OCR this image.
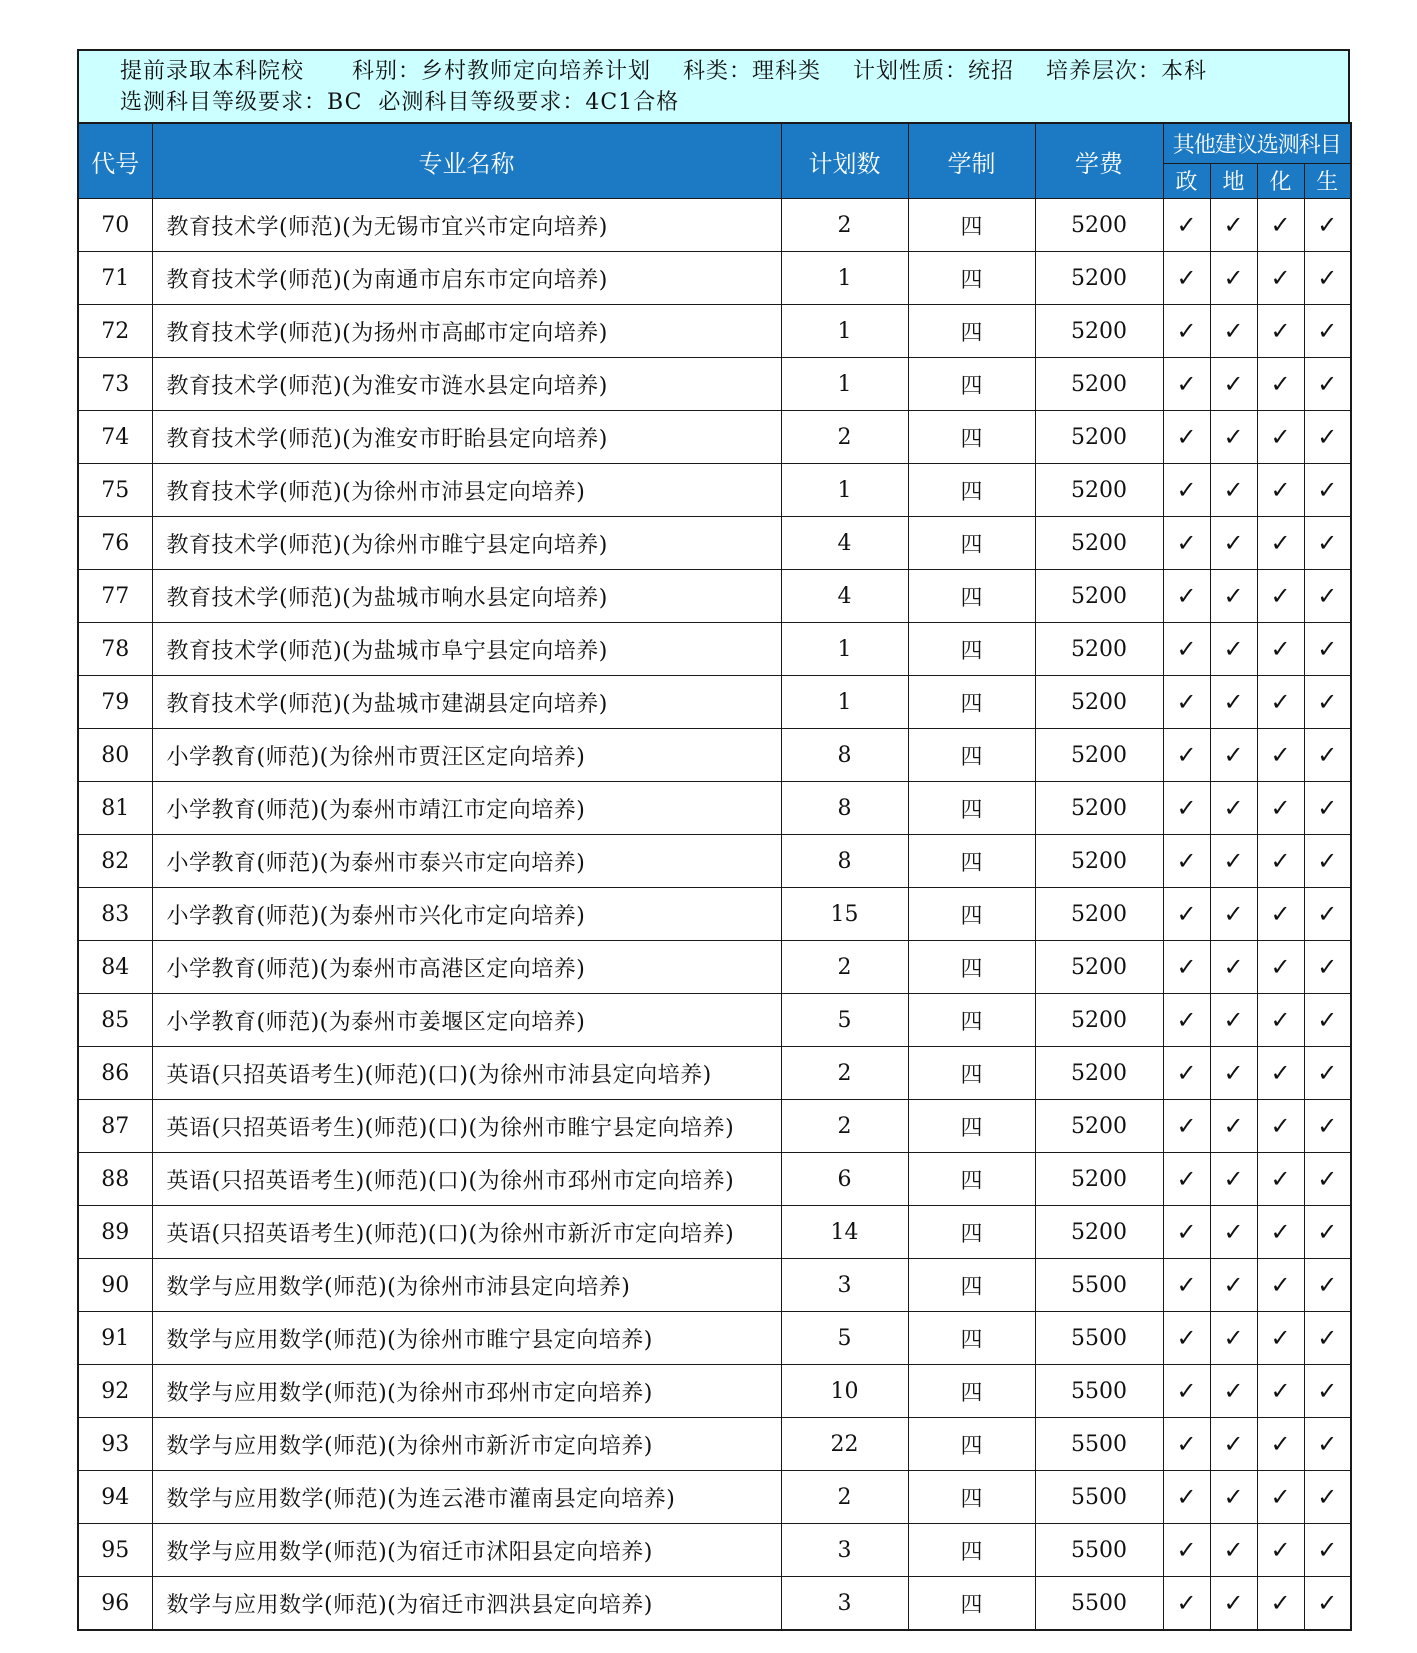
提前录取本科院校 科别：乡村教师定向培养计划 科类：理科类 计划性质：统招 培养层次：本科
选测科目等级要求：BC 必测科目等级要求：4C1合格
代号	专业名称	计划数	学制	学费	其他建议选测科目			
					政	地	化	生
70	教育技术学(师范)(为无锡市宜兴市定向培养)	2	四	5200	✓	✓	✓	✓
71	教育技术学(师范)(为南通市启东市定向培养)	1	四	5200	✓	✓	✓	✓
72	教育技术学(师范)(为扬州市高邮市定向培养)	1	四	5200	✓	✓	✓	✓
73	教育技术学(师范)(为淮安市涟水县定向培养)	1	四	5200	✓	✓	✓	✓
74	教育技术学(师范)(为淮安市盱眙县定向培养)	2	四	5200	✓	✓	✓	✓
75	教育技术学(师范)(为徐州市沛县定向培养)	1	四	5200	✓	✓	✓	✓
76	教育技术学(师范)(为徐州市睢宁县定向培养)	4	四	5200	✓	✓	✓	✓
77	教育技术学(师范)(为盐城市响水县定向培养)	4	四	5200	✓	✓	✓	✓
78	教育技术学(师范)(为盐城市阜宁县定向培养)	1	四	5200	✓	✓	✓	✓
79	教育技术学(师范)(为盐城市建湖县定向培养)	1	四	5200	✓	✓	✓	✓
80	小学教育(师范)(为徐州市贾汪区定向培养)	8	四	5200	✓	✓	✓	✓
81	小学教育(师范)(为泰州市靖江市定向培养)	8	四	5200	✓	✓	✓	✓
82	小学教育(师范)(为泰州市泰兴市定向培养)	8	四	5200	✓	✓	✓	✓
83	小学教育(师范)(为泰州市兴化市定向培养)	15	四	5200	✓	✓	✓	✓
84	小学教育(师范)(为泰州市高港区定向培养)	2	四	5200	✓	✓	✓	✓
85	小学教育(师范)(为泰州市姜堰区定向培养)	5	四	5200	✓	✓	✓	✓
86	英语(只招英语考生)(师范)(口)(为徐州市沛县定向培养)	2	四	5200	✓	✓	✓	✓
87	英语(只招英语考生)(师范)(口)(为徐州市睢宁县定向培养)	2	四	5200	✓	✓	✓	✓
88	英语(只招英语考生)(师范)(口)(为徐州市邳州市定向培养)	6	四	5200	✓	✓	✓	✓
89	英语(只招英语考生)(师范)(口)(为徐州市新沂市定向培养)	14	四	5200	✓	✓	✓	✓
90	数学与应用数学(师范)(为徐州市沛县定向培养)	3	四	5500	✓	✓	✓	✓
91	数学与应用数学(师范)(为徐州市睢宁县定向培养)	5	四	5500	✓	✓	✓	✓
92	数学与应用数学(师范)(为徐州市邳州市定向培养)	10	四	5500	✓	✓	✓	✓
93	数学与应用数学(师范)(为徐州市新沂市定向培养)	22	四	5500	✓	✓	✓	✓
94	数学与应用数学(师范)(为连云港市灌南县定向培养)	2	四	5500	✓	✓	✓	✓
95	数学与应用数学(师范)(为宿迁市沭阳县定向培养)	3	四	5500	✓	✓	✓	✓
96	数学与应用数学(师范)(为宿迁市泗洪县定向培养)	3	四	5500	✓	✓	✓	✓
